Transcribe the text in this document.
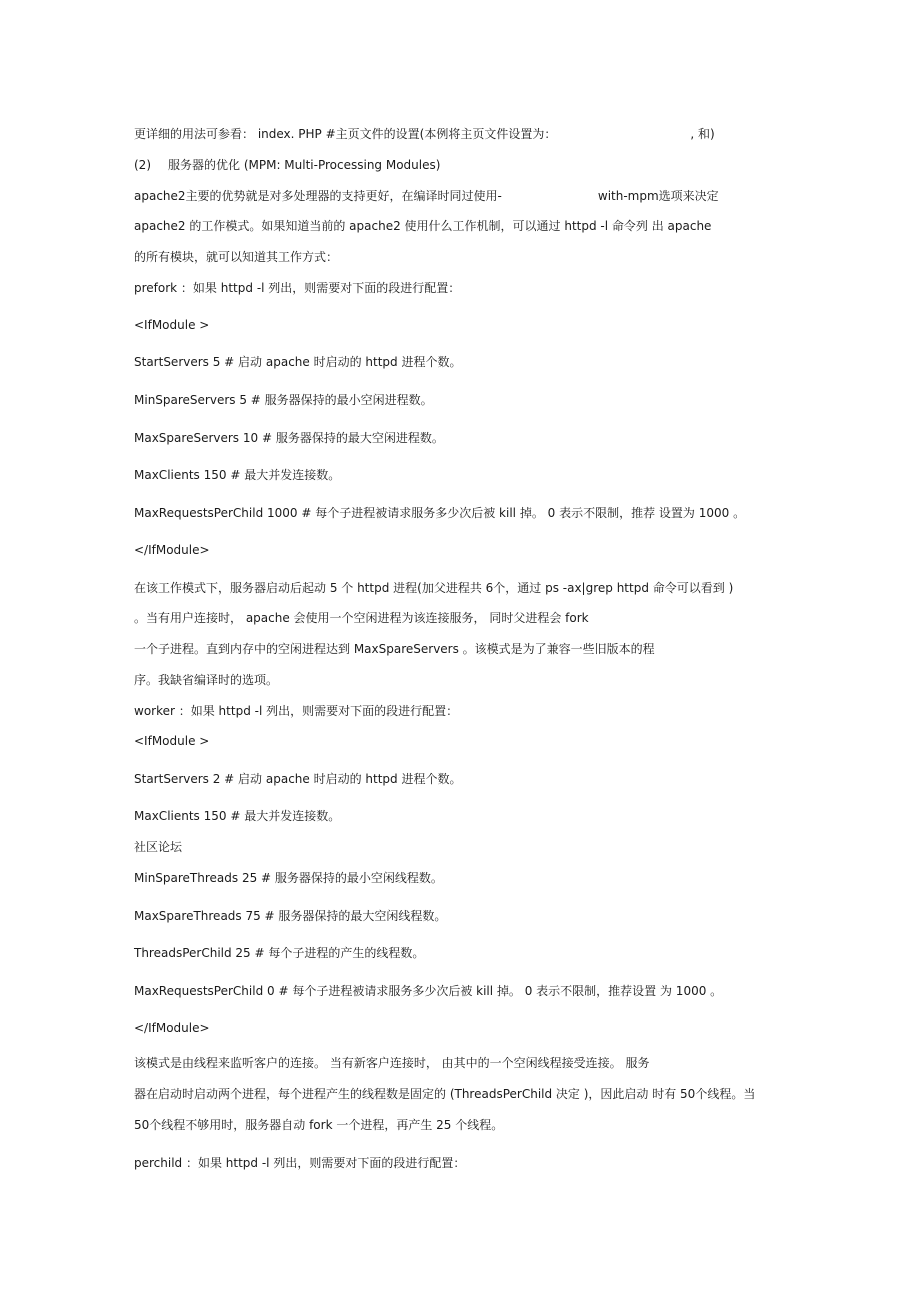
更详细的用法可参看： index. PHP #主页文件的设置(本例将主页文件设置为：	, 和)

(2) 服务器的优化 (MPM: Multi-Processing Modules)

apache2主要的优势就是对多处理器的支持更好，在编译时同过使用-	with-mpm选项来决定

apache2 的工作模式。如果知道当前的 apache2 使用什么工作机制，可以通过 httpd -l 命令列 出 apache

的所有模块，就可以知道其工作方式：

prefork ：如果 httpd -l 列出，则需要对下面的段进行配置：

<IfModule >

StartServers 5 # 启动 apache 时启动的 httpd 进程个数。

MinSpareServers 5 # 服务器保持的最小空闲进程数。

MaxSpareServers 10 # 服务器保持的最大空闲进程数。

MaxClients 150 # 最大并发连接数。

MaxRequestsPerChild 1000 # 每个子进程被请求服务多少次后被 kill 掉。 0 表示不限制，推荐 设置为 1000 。

</IfModule>

在该工作模式下，服务器启动后起动 5 个 httpd 进程(加父进程共 6个，通过 ps -ax|grep httpd 命令可以看到 )

。当有用户连接时， apache 会使用一个空闲进程为该连接服务， 同时父进程会 fork

一个子进程。直到内存中的空闲进程达到 MaxSpareServers 。该模式是为了兼容一些旧版本的程

序。我缺省编译时的选项。

worker ：如果 httpd -l 列出，则需要对下面的段进行配置：

<IfModule >

StartServers 2 # 启动 apache 时启动的 httpd 进程个数。

MaxClients 150 # 最大并发连接数。

社区论坛

MinSpareThreads 25 # 服务器保持的最小空闲线程数。

MaxSpareThreads 75 # 服务器保持的最大空闲线程数。

ThreadsPerChild 25 # 每个子进程的产生的线程数。

MaxRequestsPerChild 0 # 每个子进程被请求服务多少次后被 kill 掉。 0 表示不限制，推荐设置 为 1000 。

</IfModule>

该模式是由线程来监听客户的连接。 当有新客户连接时， 由其中的一个空闲线程接受连接。 服务

器在启动时启动两个进程，每个进程产生的线程数是固定的 (ThreadsPerChild 决定 )，因此启动 时有 50个线程。当

50个线程不够用时，服务器自动 fork 一个进程，再产生 25 个线程。

perchild ：如果 httpd -l 列出，则需要对下面的段进行配置：
